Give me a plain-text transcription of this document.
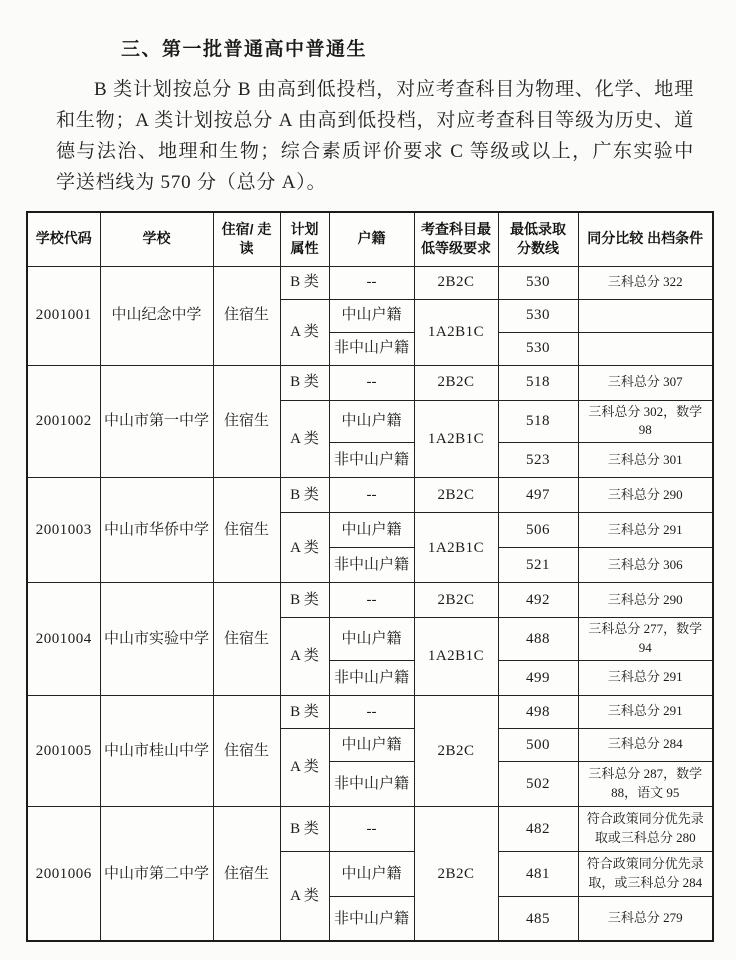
三、第一批普通高中普通生
B 类计划按总分 B 由高到低投档，对应考查科目为物理、化学、地理和生物；A 类计划按总分 A 由高到低投档，对应考查科目等级为历史、道德与法治、地理和生物；综合素质评价要求 C 等级或以上，广东实验中学送档线为 570 分（总分 A）。
学校代码	学校	住宿/ 走读	计划 属性	户籍	考查科目最低等级要求	最低录取 分数线	同分比较 出档条件
2001001	中山纪念中学	住宿生	B 类	--	2B2C	530	三科总分 322
			A 类	中山户籍	1A2B1C	530	
				非中山户籍		530	
2001002	中山市第一中学	住宿生	B 类	--	2B2C	518	三科总分 307
			A 类	中山户籍	1A2B1C	518	三科总分 302，数学 98
				非中山户籍		523	三科总分 301
2001003	中山市华侨中学	住宿生	B 类	--	2B2C	497	三科总分 290
			A 类	中山户籍	1A2B1C	506	三科总分 291
				非中山户籍		521	三科总分 306
2001004	中山市实验中学	住宿生	B 类	--	2B2C	492	三科总分 290
			A 类	中山户籍	1A2B1C	488	三科总分 277，数学 94
				非中山户籍		499	三科总分 291
2001005	中山市桂山中学	住宿生	B 类	--	2B2C	498	三科总分 291
			A 类	中山户籍		500	三科总分 284
				非中山户籍		502	三科总分 287，数学 88，语文 95
2001006	中山市第二中学	住宿生	B 类	--	2B2C	482	符合政策同分优先录取或三科总分 280
			A 类	中山户籍		481	符合政策同分优先录取，或三科总分 284
				非中山户籍		485	三科总分 279
